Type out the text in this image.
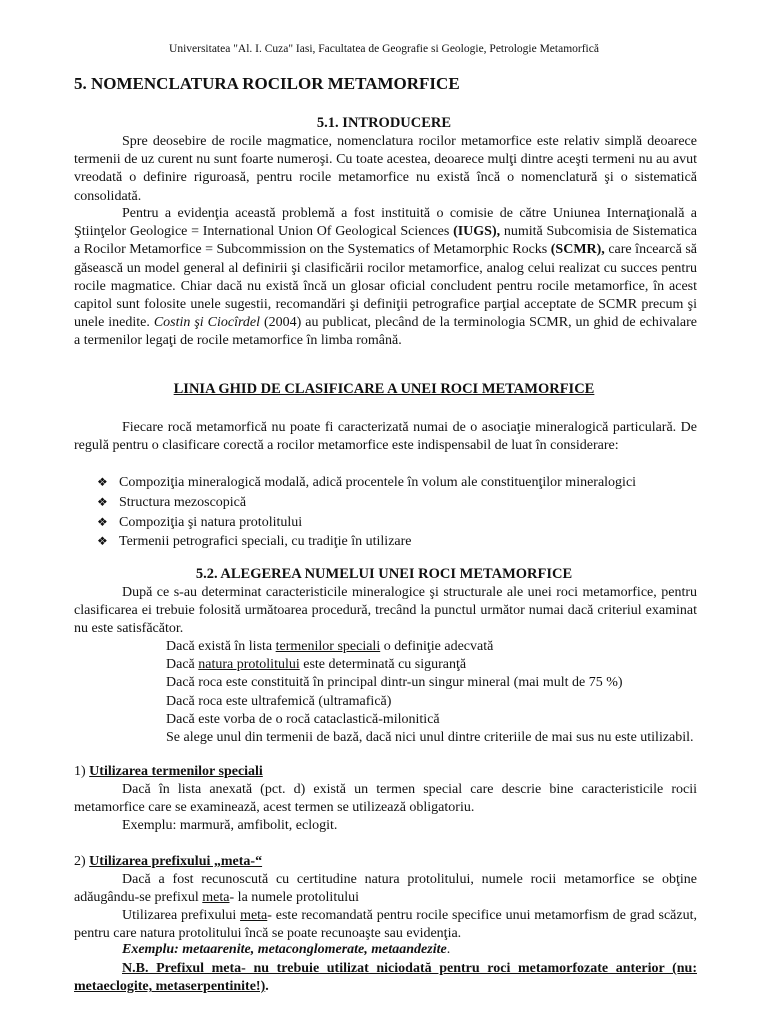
Universitatea "Al. I. Cuza" Iasi, Facultatea de Geografie si Geologie, Petrologie Metamorfică
5. NOMENCLATURA ROCILOR METAMORFICE
5.1. INTRODUCERE

Spre deosebire de rocile magmatice, nomenclatura rocilor metamorfice este relativ simplă deoarece termenii de uz curent nu sunt foarte numeroşi. Cu toate acestea, deoarece mulţi dintre aceşti termeni nu au avut vreodată o definire riguroasă, pentru rocile metamorfice nu există încă o nomenclatură şi o sistematică consolidată.

Pentru a evidenţia această problemă a fost instituită o comisie de către Uniunea Internaţională a Ştiinţelor Geologice = International Union Of Geological Sciences (IUGS), numită Subcomisia de Sistematica a Rocilor Metamorfice = Subcommission on the Systematics of Metamorphic Rocks (SCMR), care încearcă să găsească un model general al definirii şi clasificării rocilor metamorfice, analog celui realizat cu succes pentru rocile magmatice. Chiar dacă nu există încă un glosar oficial concludent pentru rocile metamorfice, în acest capitol sunt folosite unele sugestii, recomandări şi definiţii petrografice parţial acceptate de SCMR precum şi unele inedite. Costin şi Ciocîrdel (2004) au publicat, plecând de la terminologia SCMR, un ghid de echivalare a termenilor legaţi de rocile metamorfice în limba română.

LINIA GHID DE CLASIFICARE A UNEI ROCI METAMORFICE

Fiecare rocă metamorfică nu poate fi caracterizată numai de o asociaţie mineralogică particulară. De regulă pentru o clasificare corectă a rocilor metamorfice este indispensabil de luat în considerare:

❖ Compoziţia mineralogică modală, adică procentele în volum ale constituenţilor mineralogici
❖ Structura mezoscopică
❖ Compoziţia şi natura protolitului
❖ Termenii petrografici speciali, cu tradiţie în utilizare
5.2. ALEGEREA NUMELUI UNEI ROCI METAMORFICE

După ce s-au determinat caracteristicile mineralogice şi structurale ale unei roci metamorfice, pentru clasificarea ei trebuie folosită următoarea procedură, trecând la punctul următor numai dacă criteriul examinat nu este satisfăcător.

Dacă există în lista termenilor speciali o definiţie adecvată
Dacă natura protolitului este determinată cu siguranţă
Dacă roca este constituită în principal dintr-un singur mineral (mai mult de 75 %)
Dacă roca este ultrafemică (ultramafică)
Dacă este vorba de o rocă cataclastică-milonitică
Se alege unul din termenii de bază, dacă nici unul dintre criteriile de mai sus nu este utilizabil.

1) Utilizarea termenilor speciali

Dacă în lista anexată (pct. d) există un termen special care descrie bine caracteristicile rocii metamorfice care se examinează, acest termen se utilizează obligatoriu.

Exemplu: marmură, amfibolit, eclogit.

2) Utilizarea prefixului „meta-“

Dacă a fost recunoscută cu certitudine natura protolitului, numele rocii metamorfice se obţine adăugându-se prefixul meta- la numele protolitului

Utilizarea prefixului meta- este recomandată pentru rocile specifice unui metamorfism de grad scăzut, pentru care natura protolitului încă se poate recunoaşte sau evidenţia.

Exemplu: metaarenite, metaconglomerate, metaandezite.

N.B. Prefixul meta- nu trebuie utilizat niciodată pentru roci metamorfozate anterior (nu: metaeclogite, metaserpentinite!).
